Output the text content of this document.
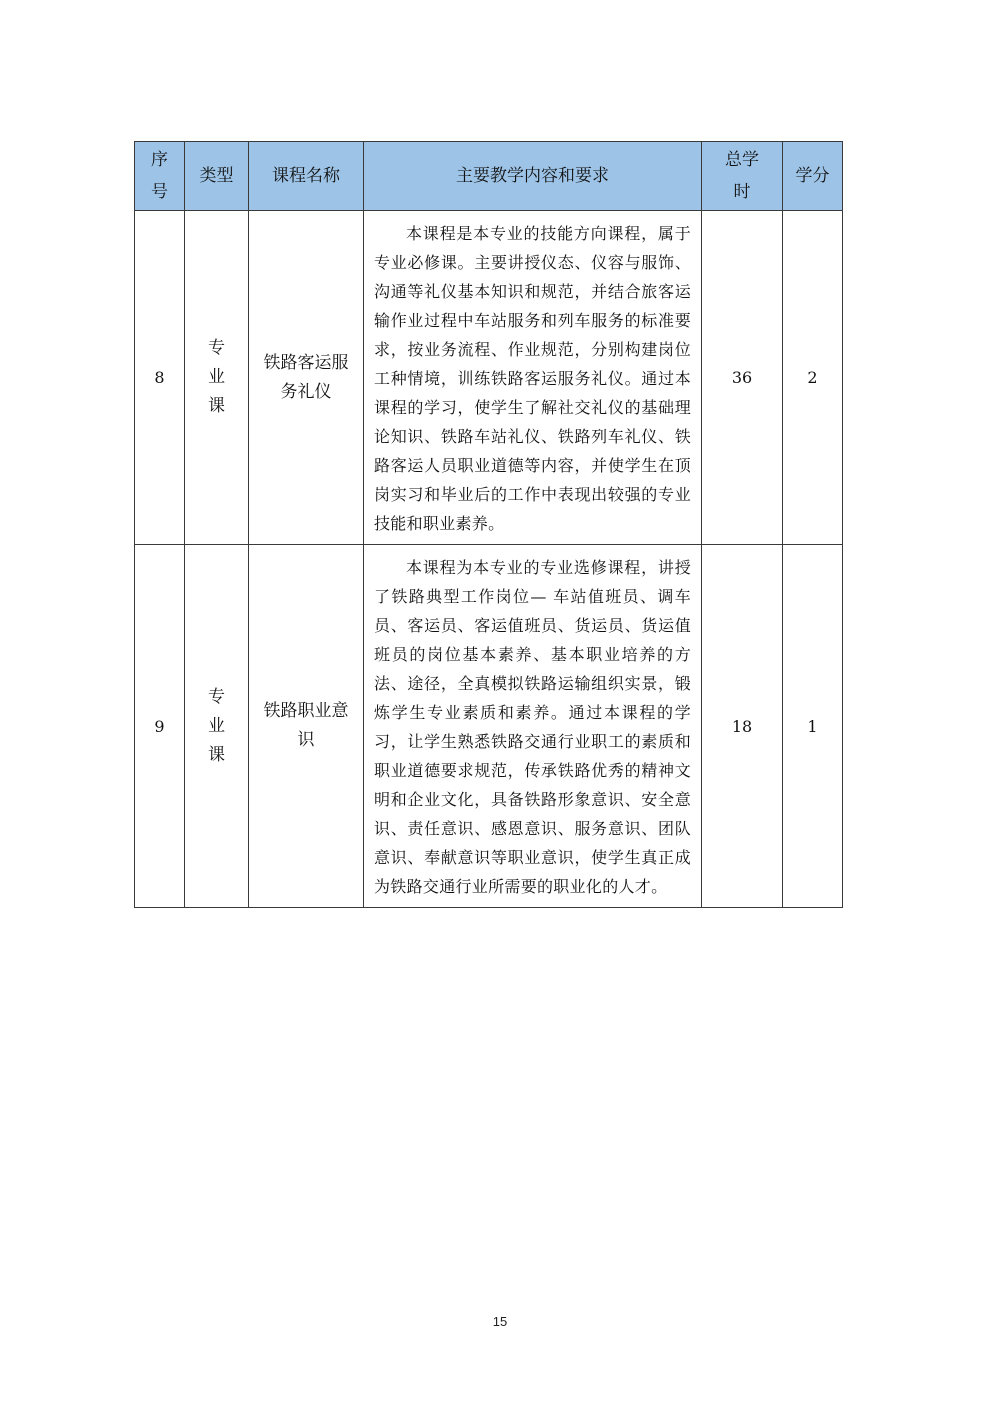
序号	类型	课程名称	主要教学内容和要求	总学时	学分
8	专业课	铁路客运服务礼仪	本课程是本专业的技能方向课程，属于专业必修课。主要讲授仪态、仪容与服饰、沟通等礼仪基本知识和规范，并结合旅客运输作业过程中车站服务和列车服务的标准要求，按业务流程、作业规范，分别构建岗位工种情境，训练铁路客运服务礼仪。通过本课程的学习，使学生了解社交礼仪的基础理论知识、铁路车站礼仪、铁路列车礼仪、铁路客运人员职业道德等内容，并使学生在顶岗实习和毕业后的工作中表现出较强的专业技能和职业素养。	36	2
9	专业课	铁路职业意识	本课程为本专业的专业选修课程，讲授了铁路典型工作岗位— 车站值班员、调车员、客运员、客运值班员、货运员、货运值班员的岗位基本素养、基本职业培养的方法、途径，全真模拟铁路运输组织实景，锻炼学生专业素质和素养。通过本课程的学习，让学生熟悉铁路交通行业职工的素质和职业道德要求规范，传承铁路优秀的精神文明和企业文化，具备铁路形象意识、安全意识、责任意识、感恩意识、服务意识、团队意识、奉献意识等职业意识，使学生真正成为铁路交通行业所需要的职业化的人才。	18	1
15
